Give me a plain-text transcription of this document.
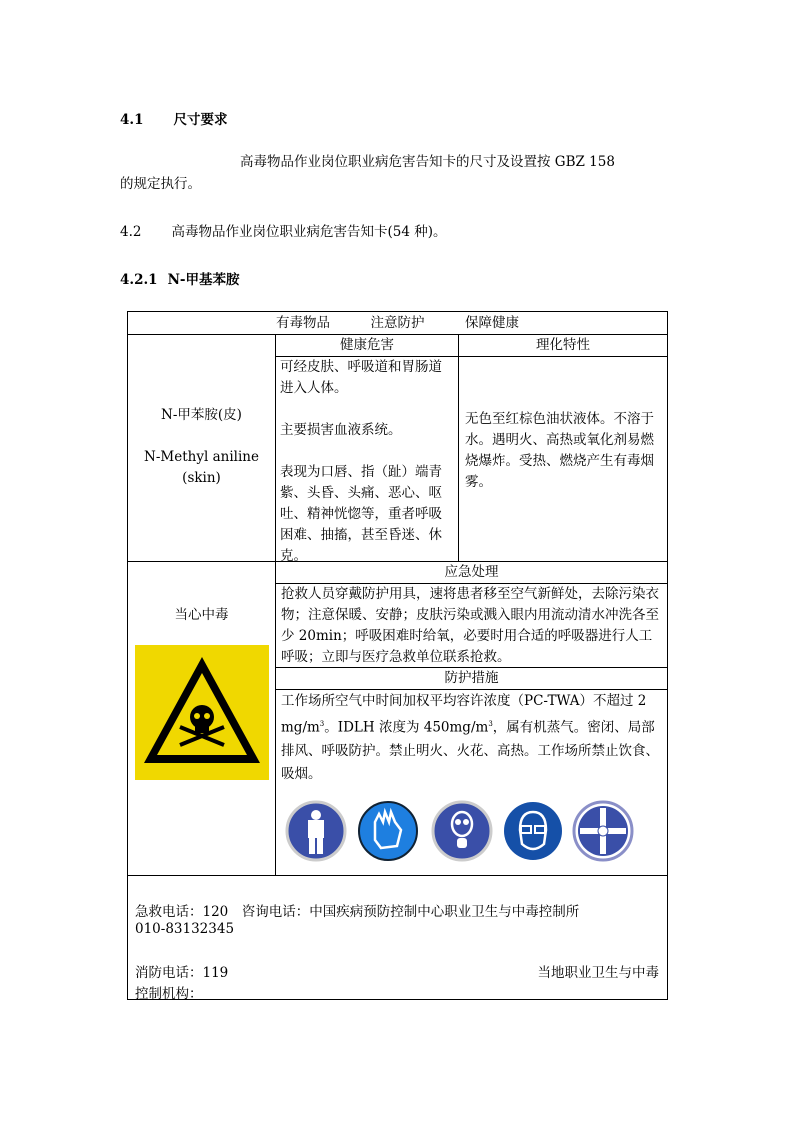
4.1 尺寸要求
高毒物品作业岗位职业病危害告知卡的尺寸及设置按 GBZ 158
的规定执行。
4.2 高毒物品作业岗位职业病危害告知卡(54 种)。
4.2.1 N-甲基苯胺
有毒物品　　　注意防护　　　保障健康
N-甲苯胺(皮)
N-Methyl aniline (skin)
健康危害	理化特性
可经皮肤、呼吸道和胃肠道进入人体。
主要损害血液系统。
表现为口唇、指（趾）端青紫、头昏、头痛、恶心、呕吐、精神恍惚等，重者呼吸困难、抽搐，甚至昏迷、休克。
无色至红棕色油状液体。不溶于水。遇明火、高热或氧化剂易燃烧爆炸。受热、燃烧产生有毒烟雾。
当心中毒
应急处理
抢救人员穿戴防护用具，速将患者移至空气新鲜处，去除污染衣物；注意保暖、安静；皮肤污染或溅入眼内用流动清水冲洗各至少 20min；呼吸困难时给氧，必要时用合适的呼吸器进行人工呼吸；立即与医疗急救单位联系抢救。
防护措施
工作场所空气中时间加权平均容许浓度（PC-TWA）不超过 2 $mg/m^3$。IDLH 浓度为 $450mg/m^3$，属有机蒸气。密闭、局部排风、呼吸防护。禁止明火、火花、高热。工作场所禁止饮食、吸烟。
急救电话：120　咨询电话：中国疾病预防控制中心职业卫生与中毒控制所
010-83132345
消防电话：119	当地职业卫生与中毒
控制机构：
